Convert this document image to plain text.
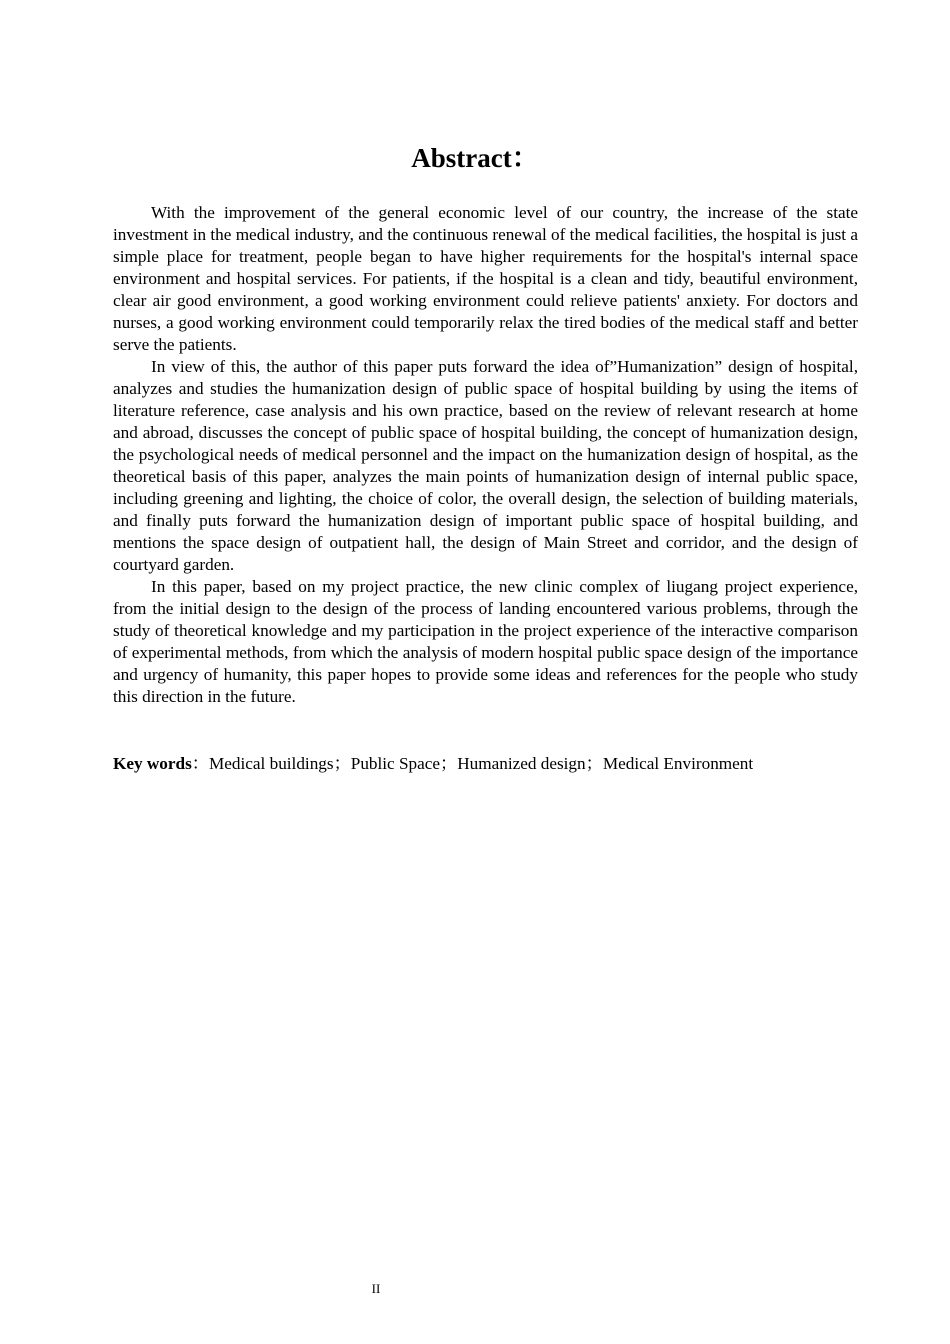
Abstract：

With the improvement of the general economic level of our country, the increase of the state investment in the medical industry, and the continuous renewal of the medical facilities, the hospital is just a simple place for treatment, people began to have higher requirements for the hospital's internal space environment and hospital services. For patients, if the hospital is a clean and tidy, beautiful environment, clear air good environment, a good working environment could relieve patients' anxiety. For doctors and nurses, a good working environment could temporarily relax the tired bodies of the medical staff and better serve the patients.

In view of this, the author of this paper puts forward the idea of”Humanization” design of hospital, analyzes and studies the humanization design of public space of hospital building by using the items of literature reference, case analysis and his own practice, based on the review of relevant research at home and abroad, discusses the concept of public space of hospital building, the concept of humanization design, the psychological needs of medical personnel and the impact on the humanization design of hospital, as the theoretical basis of this paper, analyzes the main points of humanization design of internal public space, including greening and lighting, the choice of color, the overall design, the selection of building materials, and finally puts forward the humanization design of important public space of hospital building, and mentions the space design of outpatient hall, the design of Main Street and corridor, and the design of courtyard garden.

In this paper, based on my project practice, the new clinic complex of liugang project experience, from the initial design to the design of the process of landing encountered various problems, through the study of theoretical knowledge and my participation in the project experience of the interactive comparison of experimental methods, from which the analysis of modern hospital public space design of the importance and urgency of humanity, this paper hopes to provide some ideas and references for the people who study this direction in the future.

Key words：Medical buildings；Public Space；Humanized design；Medical Environment
II
